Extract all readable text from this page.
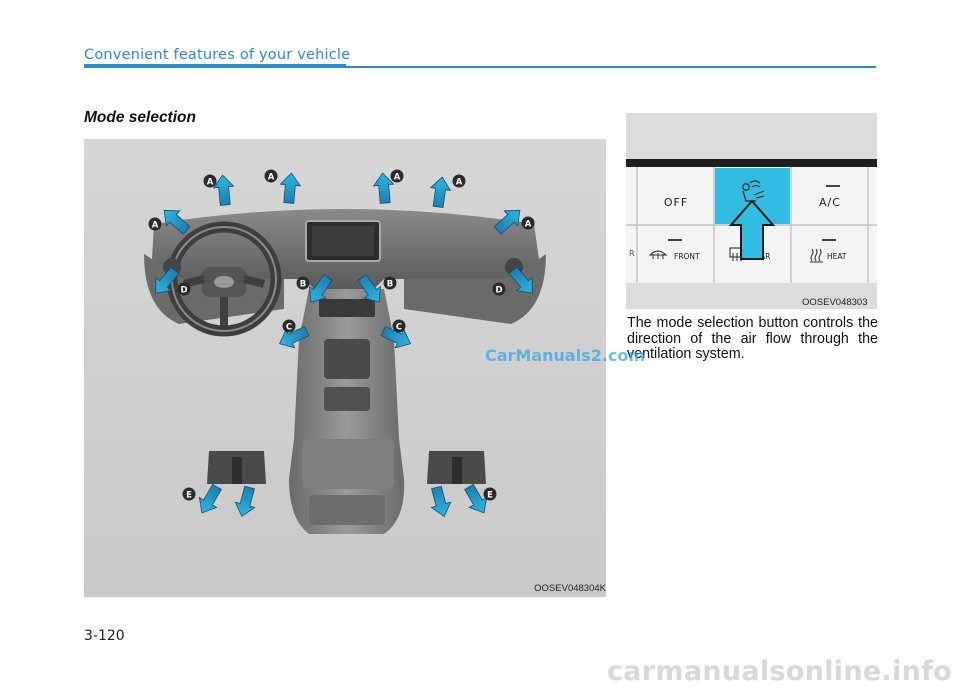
Convenient features of your vehicle
Mode selection
A	A	A	A
A	A
B	B
C	C
D	D
E	E
OOSEV048304K
R
OOSEV048303
The mode selection button controls the direction of the air flow through the ventilation system.
CarManuals2.com
3-120
carmanualsonline.info
